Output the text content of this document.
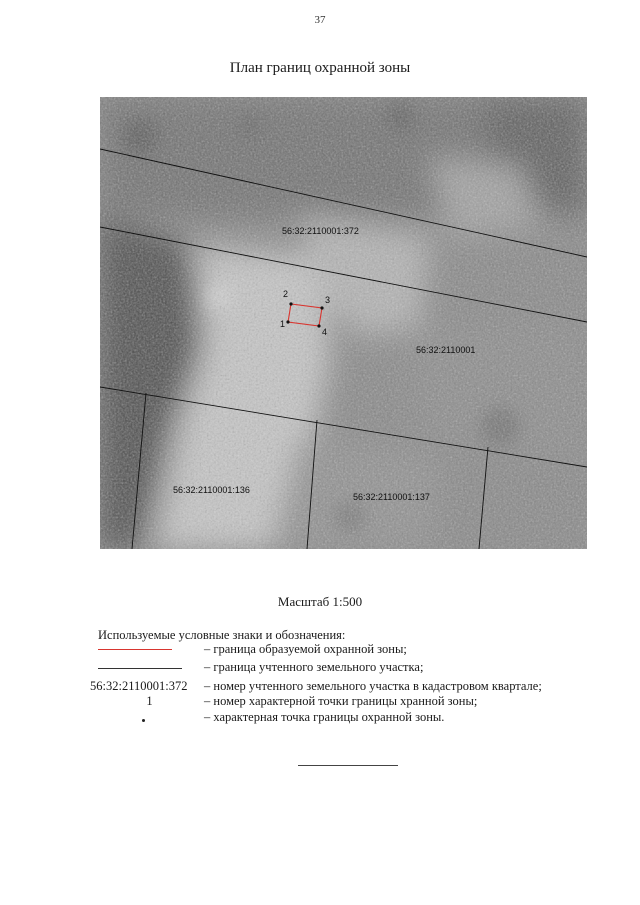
37
План границ охранной зоны
1
2
3
4
56:32:2110001:372
56:32:2110001
56:32:2110001:136
56:32:2110001:137
Масштаб 1:500
Используемые условные знаки и обозначения:
– граница образуемой охранной зоны;
– граница учтенного земельного участка;
56:32:2110001:372	– номер учтенного земельного участка в кадастровом квартале;
1	– номер характерной точки границы хранной зоны;
– характерная точка границы охранной зоны.
